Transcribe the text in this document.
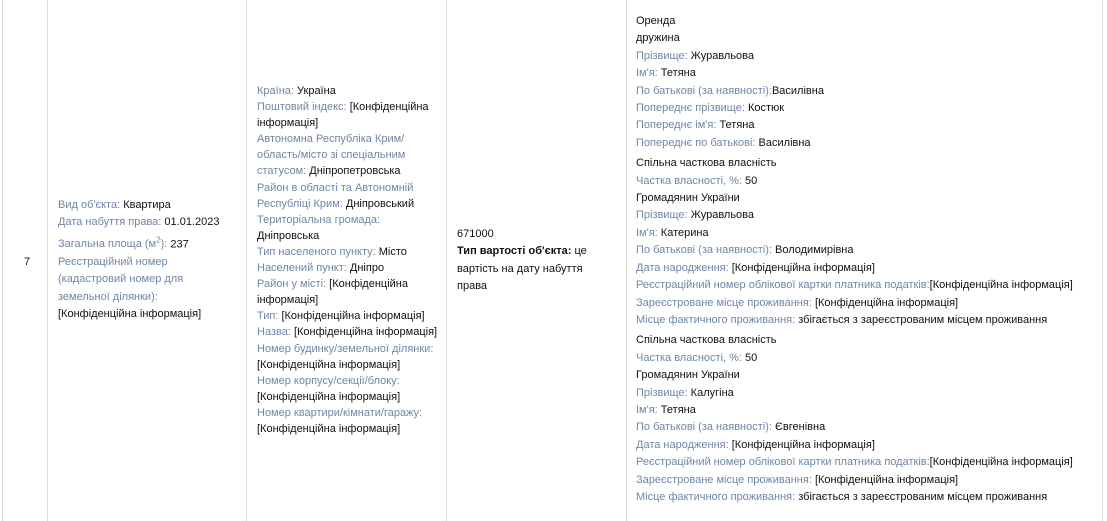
7
Вид об'єкта: Квартира
Дата набуття права: 01.01.2023
Загальна площа $(м^2)$: 237
Реєстраційний номер
(кадастровий номер для
земельної ділянки):
[Конфіденційна інформація]
Країна: Україна
Поштовий індекс: [Конфіденційна
інформація]
Автономна Республіка Крим/
область/місто зі спеціальним
статусом: Дніпропетровська
Район в області та Автономній
Республіці Крим: Дніпровський
Територіальна громада:
Дніпровська
Тип населеного пункту: Місто
Населений пункт: Дніпро
Район у місті: [Конфіденційна
інформація]
Тип: [Конфіденційна інформація]
Назва: [Конфіденційна інформація]
Номер будинку/земельної ділянки:
[Конфіденційна інформація]
Номер корпусу/секції/блоку:
[Конфіденційна інформація]
Номер квартири/кімнати/гаражу:
[Конфіденційна інформація]
671000
Тип вартості об'єкта: це
вартість на дату набуття
права
Оренда
дружина
Прізвище: Журавльова
Ім'я: Тетяна
По батькові (за наявності):Василівна
Попереднє прізвище: Костюк
Попереднє ім'я: Тетяна
Попереднє по батькові: Василівна
Спільна часткова власність
Частка власності, %: 50
Громадянин України
Прізвище: Журавльова
Ім'я: Катерина
По батькові (за наявності): Володимирівна
Дата народження: [Конфіденційна інформація]
Реєстраційний номер облікової картки платника податків:[Конфіденційна інформація]
Зареєстроване місце проживання: [Конфіденційна інформація]
Місце фактичного проживання: збігається з зареєстрованим місцем проживання
Спільна часткова власність
Частка власності, %: 50
Громадянин України
Прізвище: Калугіна
Ім'я: Тетяна
По батькові (за наявності): Євгенівна
Дата народження: [Конфіденційна інформація]
Реєстраційний номер облікової картки платника податків:[Конфіденційна інформація]
Зареєстроване місце проживання: [Конфіденційна інформація]
Місце фактичного проживання: збігається з зареєстрованим місцем проживання
